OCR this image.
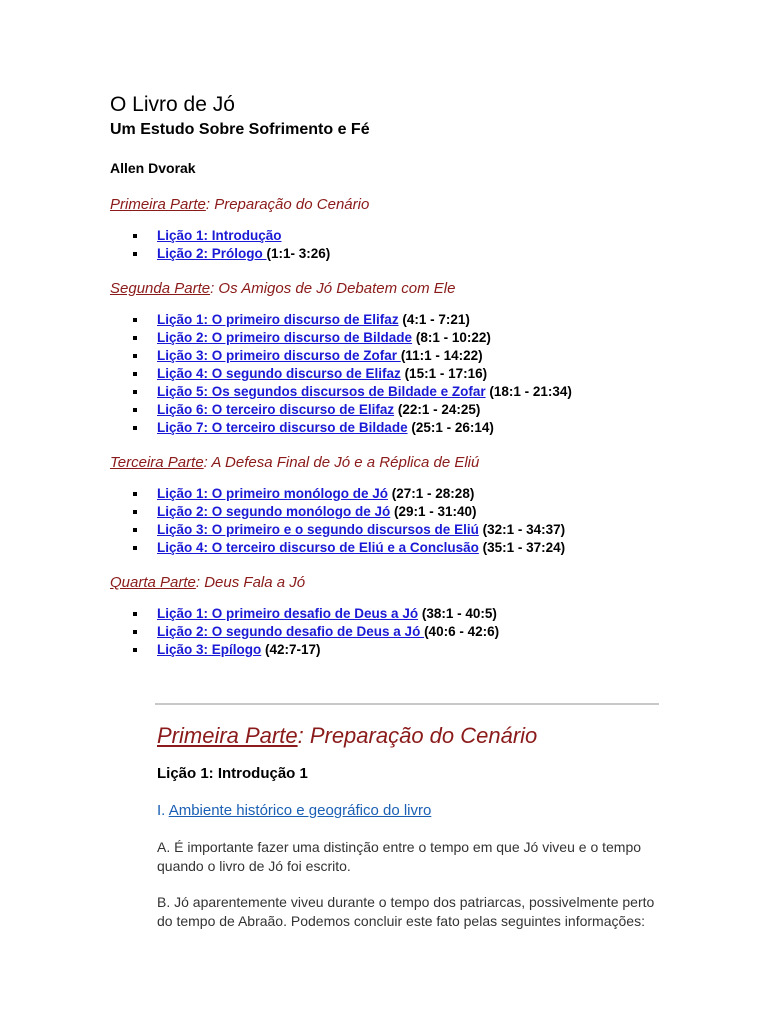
O Livro de Jó
Um Estudo Sobre Sofrimento e Fé
Allen Dvorak
Primeira Parte: Preparação do Cenário
Lição 1: Introdução
Lição 2: Prólogo (1:1- 3:26)
Segunda Parte: Os Amigos de Jó Debatem com Ele
Lição 1: O primeiro discurso de Elifaz (4:1 - 7:21)
Lição 2: O primeiro discurso de Bildade (8:1 - 10:22)
Lição 3: O primeiro discurso de Zofar (11:1 - 14:22)
Lição 4: O segundo discurso de Elifaz (15:1 - 17:16)
Lição 5: Os segundos discursos de Bildade e Zofar (18:1 - 21:34)
Lição 6: O terceiro discurso de Elifaz (22:1 - 24:25)
Lição 7: O terceiro discurso de Bildade (25:1 - 26:14)
Terceira Parte: A Defesa Final de Jó e a Réplica de Eliú
Lição 1: O primeiro monólogo de Jó (27:1 - 28:28)
Lição 2: O segundo monólogo de Jó (29:1 - 31:40)
Lição 3: O primeiro e o segundo discursos de Eliú (32:1 - 34:37)
Lição 4: O terceiro discurso de Eliú e a Conclusão (35:1 - 37:24)
Quarta Parte: Deus Fala a Jó
Lição 1: O primeiro desafio de Deus a Jó (38:1 - 40:5)
Lição 2: O segundo desafio de Deus a Jó (40:6 - 42:6)
Lição 3: Epílogo (42:7-17)
Primeira Parte: Preparação do Cenário
Lição 1: Introdução 1
I. Ambiente histórico e geográfico do livro

A. É importante fazer uma distinção entre o tempo em que Jó viveu e o tempo quando o livro de Jó foi escrito.

B. Jó aparentemente viveu durante o tempo dos patriarcas, possivelmente perto do tempo de Abraão. Podemos concluir este fato pelas seguintes informações:
